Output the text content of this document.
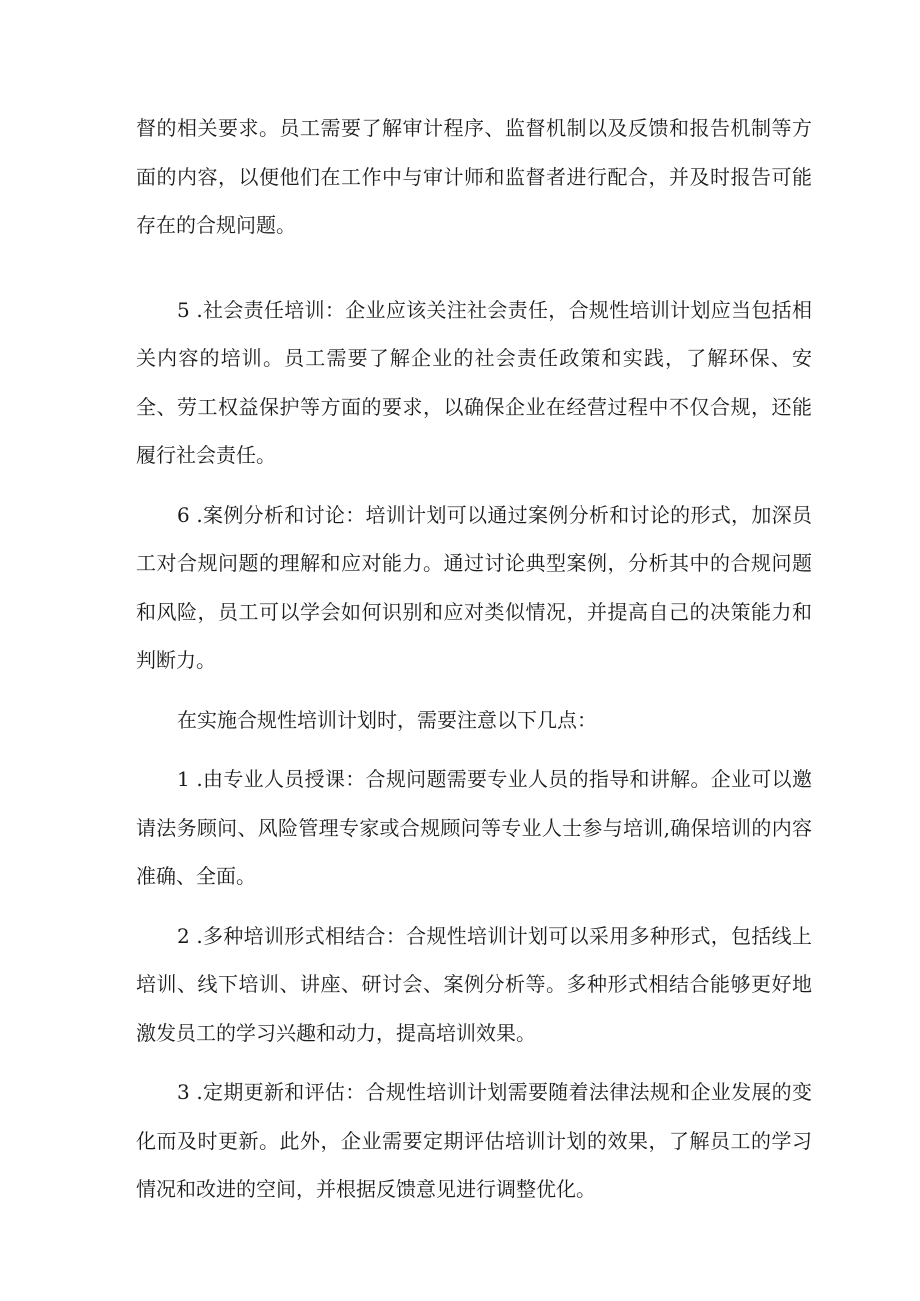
督的相关要求。员工需要了解审计程序、监督机制以及反馈和报告机制等方面的内容，以便他们在工作中与审计师和监督者进行配合，并及时报告可能存在的合规问题。

5 .社会责任培训：企业应该关注社会责任，合规性培训计划应当包括相关内容的培训。员工需要了解企业的社会责任政策和实践，了解环保、安全、劳工权益保护等方面的要求，以确保企业在经营过程中不仅合规，还能履行社会责任。

6 .案例分析和讨论：培训计划可以通过案例分析和讨论的形式，加深员工对合规问题的理解和应对能力。通过讨论典型案例，分析其中的合规问题和风险，员工可以学会如何识别和应对类似情况，并提高自己的决策能力和判断力。

在实施合规性培训计划时，需要注意以下几点：

1 .由专业人员授课：合规问题需要专业人员的指导和讲解。企业可以邀请法务顾问、风险管理专家或合规顾问等专业人士参与培训,确保培训的内容准确、全面。

2 .多种培训形式相结合：合规性培训计划可以采用多种形式，包括线上培训、线下培训、讲座、研讨会、案例分析等。多种形式相结合能够更好地激发员工的学习兴趣和动力，提高培训效果。

3 .定期更新和评估：合规性培训计划需要随着法律法规和企业发展的变化而及时更新。此外，企业需要定期评估培训计划的效果，了解员工的学习情况和改进的空间，并根据反馈意见进行调整优化。
